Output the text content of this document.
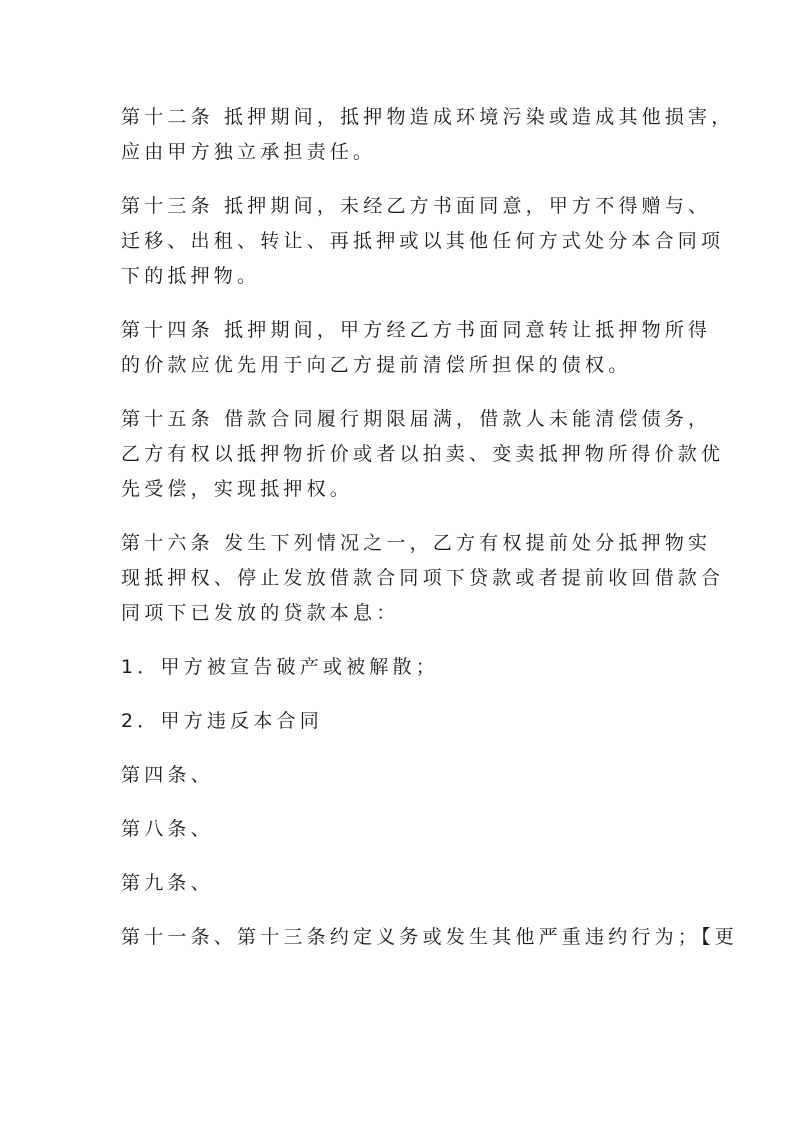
第十二条 抵押期间，抵押物造成环境污染或造成其他损害，
应由甲方独立承担责任。
第十三条 抵押期间，未经乙方书面同意，甲方不得赠与、
迁移、出租、转让、再抵押或以其他任何方式处分本合同项
下的抵押物。
第十四条 抵押期间，甲方经乙方书面同意转让抵押物所得
的价款应优先用于向乙方提前清偿所担保的债权。
第十五条 借款合同履行期限届满，借款人未能清偿债务，
乙方有权以抵押物折价或者以拍卖、变卖抵押物所得价款优
先受偿，实现抵押权。
第十六条 发生下列情况之一，乙方有权提前处分抵押物实
现抵押权、停止发放借款合同项下贷款或者提前收回借款合
同项下已发放的贷款本息：
1．甲方被宣告破产或被解散；
2．甲方违反本合同
第四条、
第八条、
第九条、
第十一条、第十三条约定义务或发生其他严重违约行为；【更
